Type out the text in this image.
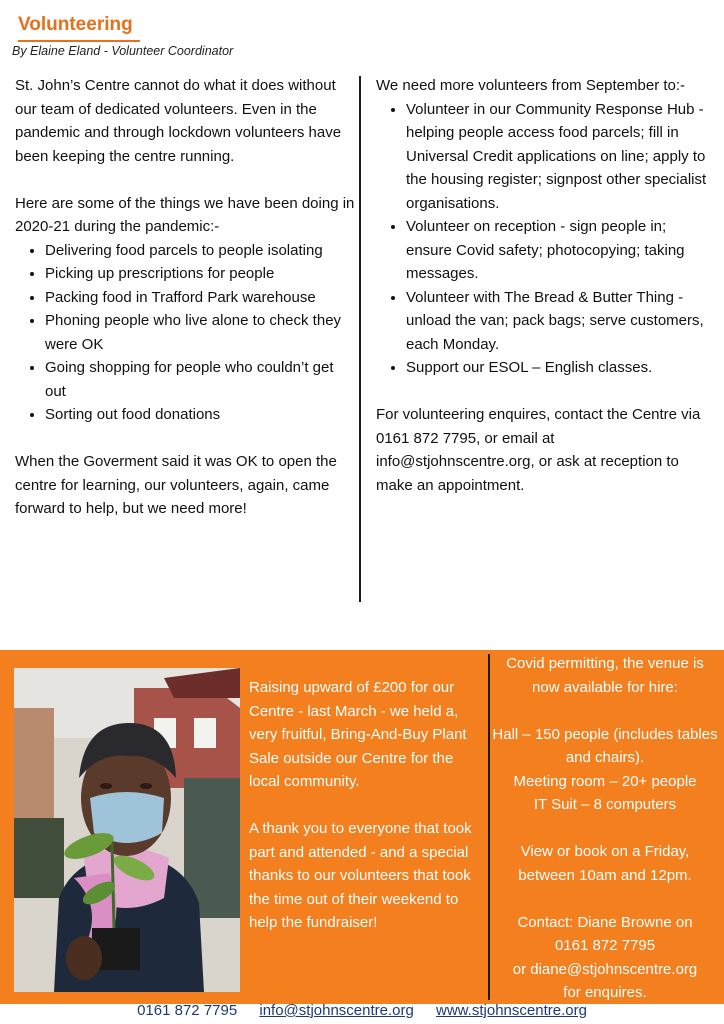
Volunteering
By Elaine Eland - Volunteer Coordinator

St. John’s Centre cannot do what it does without our team of dedicated volunteers. Even in the pandemic and through lockdown volunteers have been keeping the centre running.

Here are some of the things we have been doing in 2020-21 during the pandemic:-

• Delivering food parcels to people isolating
• Picking up prescriptions for people
• Packing food in Trafford Park warehouse
• Phoning people who live alone to check they were OK
• Going shopping for people who couldn’t get out
• Sorting out food donations

When the Goverment said it was OK to open the centre for learning, our volunteers, again, came forward to help, but we need more!

We need more volunteers from September to:-

• Volunteer in our Community Response Hub - helping people access food parcels; fill in Universal Credit applications on line; apply to the housing register; signpost other specialist organisations.
• Volunteer on reception - sign people in; ensure Covid safety; photocopying; taking messages.
• Volunteer with The Bread & Butter Thing - unload the van; pack bags; serve customers, each Monday.
• Support our ESOL – English classes.

For volunteering enquires, contact the Centre via 0161 872 7795, or email at info@stjohnscentre.org, or ask at reception to make an appointment.

Raising upward of £200 for our Centre - last March - we held a, very fruitful, Bring-And-Buy Plant Sale outside our Centre for the local community.

A thank you to everyone that took part and attended - and a special thanks to our volunteers that took the time out of their weekend to help the fundraiser!

Covid permitting, the venue is now available for hire:

Hall – 150 people (includes tables and chairs).

Meeting room – 20+ people

IT Suit – 8 computers

View or book on a Friday, between 10am and 12pm.

Contact: Diane Browne on

0161 872 7795

or diane@stjohnscentre.org

for enquires.

0161 872 7795 info@stjohnscentre.org www.stjohnscentre.org
